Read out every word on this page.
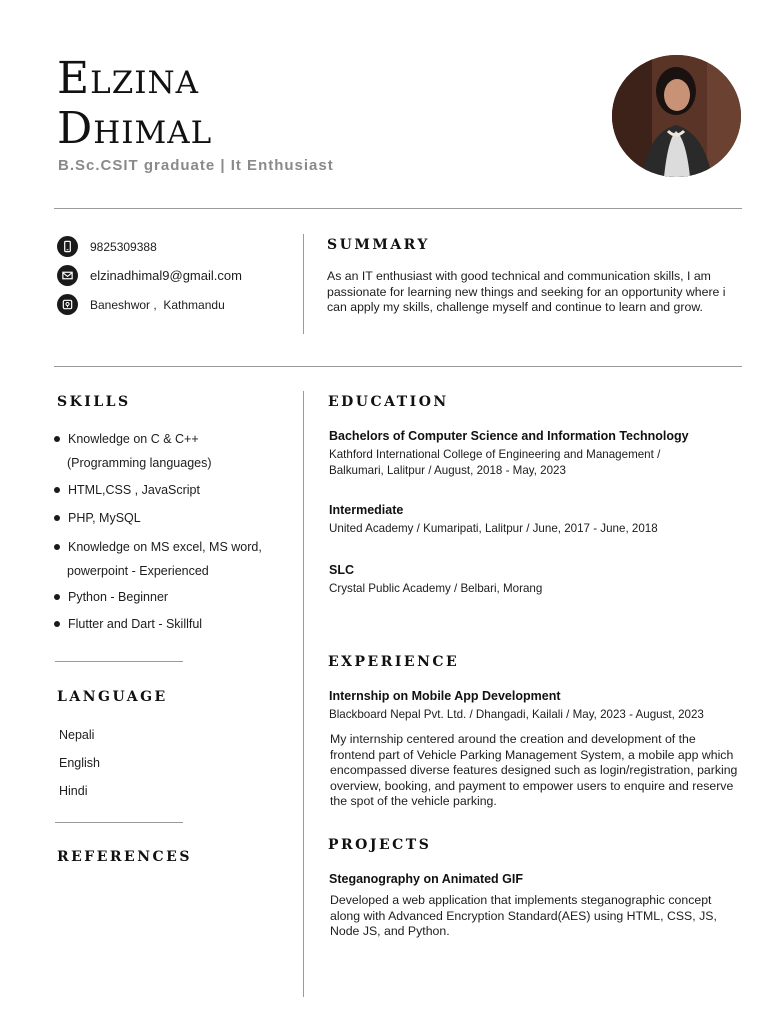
Elzina
Dhimal
B.Sc.CSIT graduate | It Enthusiast
9825309388
elzinadhimal9@gmail.com
Baneshwor ,  Kathmandu
SUMMARY
As an IT enthusiast with good technical and communication skills, I am passionate for learning new things and seeking for an opportunity where i can apply my skills, challenge myself and continue to learn and grow.
SKILLS
Knowledge on C & C++
(Programming languages)
HTML,CSS , JavaScript
PHP, MySQL
Knowledge on MS excel, MS word,
powerpoint - Experienced
Python - Beginner
Flutter and Dart - Skillful
LANGUAGE
Nepali
English
Hindi
REFERENCES
EDUCATION
Bachelors of Computer Science and Information Technology
Kathford International College of Engineering and Management /
Balkumari, Lalitpur / August, 2018 - May, 2023
Intermediate
United Academy / Kumaripati, Lalitpur / June, 2017 - June, 2018
SLC
Crystal Public Academy / Belbari, Morang
EXPERIENCE
Internship on Mobile App Development
Blackboard Nepal Pvt. Ltd. / Dhangadi, Kailali / May, 2023 - August, 2023
My internship centered around the creation and development of the frontend part of Vehicle Parking Management System, a mobile app which encompassed diverse features designed such as login/registration, parking overview, booking, and payment to empower users to enquire and reserve the spot of the vehicle parking.
PROJECTS
Steganography on Animated GIF
Developed a web application that implements steganographic concept along with Advanced Encryption Standard(AES) using HTML, CSS, JS, Node JS, and Python.
